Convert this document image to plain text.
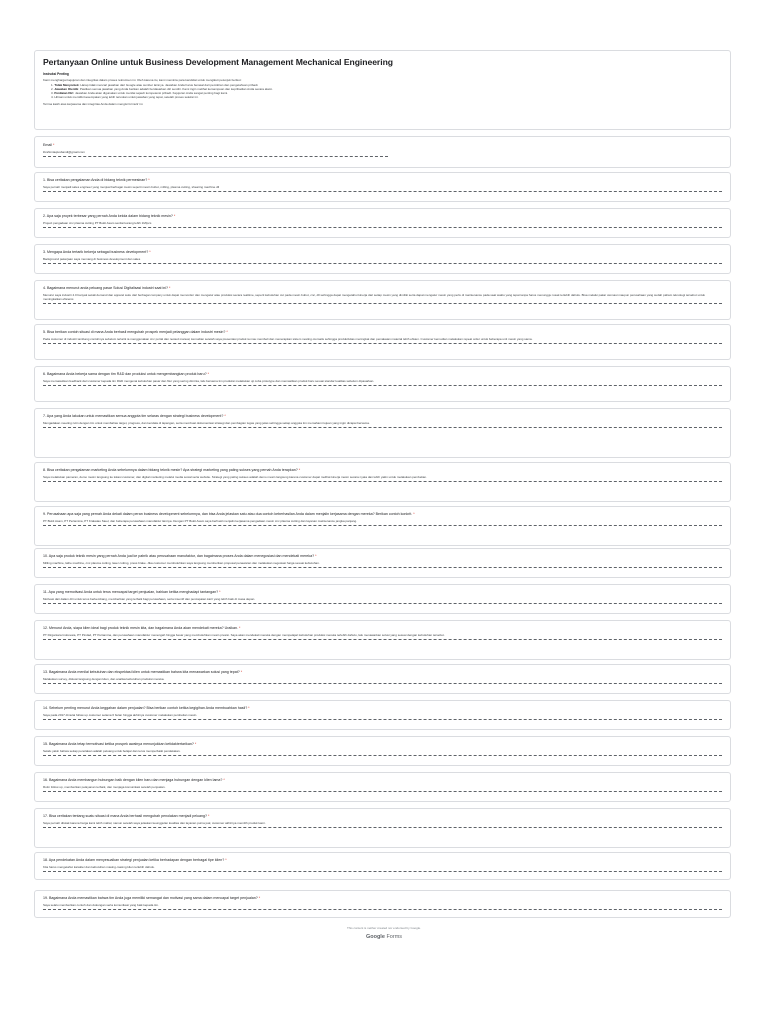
Pertanyaan Online untuk Business Development Management Mechanical Engineering
Instruksi Penting
Kami menghargai kejujuran dan integritas dalam proses rekrutmen ini. Oleh karena itu, kami meminta para kandidat untuk mengikuti petunjuk berikut:
1. Tidak Menyontek: Harap tidak mencari jawaban dari Google atau sumber lainnya. Jawaban Anda harus berasal dari pemikiran dan pengetahuan pribadi.
2. Jawaban Otentik: Pastikan semua jawaban yang Anda berikan adalah berdasarkan diri sendiri. Kami ingin melihat kemampuan dan kepribadian Anda secara alami.
3. Penilaian Diri: Jawaban Anda akan digunakan untuk menilai sejauh kompetensi pribadi. Kejujuran Anda sangat penting bagi kami.
4. Hilman untuk memiliki kesempatan yang lebih teruskan untuk jawaban yang tepat, setelah proses seleksi ini.
Terima kasih atas kerjasama dan integritas Anda dalam mengisi formulir ini.
Email *
ibrahimtaqiusbandi@gmail.com
1. Bisa ceritakan pengalaman Anda di bidang teknik permesinan? *
Saya pernah menjadi sales engineer yang menjual berbagai mesin seperti mesin bubut, milling, plasma cutting, shearing machine dll
2. Apa saja proyek terbesar yang pernah Anda kelola dalam bidang teknik mesin? *
Project pengadaan cnc plasma cutting PT Bukit Asam senilai kurang lebih 1M/pcs
3. Mengapa Anda tertarik bekerja sebagai business development? *
Background pekerjaan saya memang di business development dan sales
4. Bagaimana menurut anda peluang pasar Solusi Digitalisasi industri saat ini? *
Menurut saya industri 4.0 banyak sekali demand dan apparel suku dari berbagai company untuk dapat memonitor dan mengatur atau produksi secara realtime, seperti kebutuhan cut pada mesin bubut, cnc, dll sehingga dapat mengetahui kinerja dari setiap mesin yang dimiliki serta dapat mengatur mesin yang perlu di maintenance pada saat waktu yang tepat tanpa harus menunggu rusak terlebih dahulu. Bisa melalui pakar otomasi maupun perusahaan yang sudah paham teknologi tersebut untuk meningkatkan efisiensi.
5. Bisa berikan contoh situasi di mana Anda berhasil mengubah prospek menjadi pelanggan dalam industri mesin? *
Pada customer di industri tambang contohnya sebelum tertarik ia menggunakan cnc portal dan nested manual, kemudian setelah saya presentasi produk ia mau membeli dan menerapkan sistem nesting otomatis sehingga produktivitas meningkat dan pemakaian material lebih efisien. Customer kemudian melakukan repeat order untuk beberapa unit mesin yang sama.
6. Bagaimana Anda bekerja sama dengan tim R&D dan produksi untuk mengembangkan produk baru? *
Saya memasukkan feedback dari customer kepada tim R&D mengenai kebutuhan pasar dan fitur yang sering diminta, lalu bersama tim produksi melakukan uji coba prototype dan memastikan produk baru sesuai standar kualitas sebelum dipasarkan.
7. Apa yang Anda lakukan untuk memastikan semua anggota tim selaras dengan strategi business development? *
Mengadakan meeting rutin dengan tim untuk membahas target, progress, dan kendala di lapangan, serta membuat dokumentasi strategi dan pembagian tugas yang jelas sehingga setiap anggota tim memahami tujuan yang ingin dicapai bersama.
8. Bisa ceritakan pengalaman marketing Anda sebelumnya dalam bidang teknik mesin? Apa strategi marketing yang paling sukses yang pernah Anda terapkan? *
Saya melakukan pameran, demo mesin langsung ke lokasi customer, dan digital marketing melalui media sosial serta website. Strategi yang paling sukses adalah demo mesin langsung karena customer dapat melihat kinerja mesin secara nyata dan lebih yakin untuk melakukan pembelian.
9. Perusahaan apa saja yang pernah Anda dekati dalam peran business development sebelumnya, dan bisa Anda jelaskan satu atau dua contoh keberhasilan Anda dalam menjalin kerjasama dengan mereka? Berikan contoh konkrit. *
PT Bukit Asam, PT Pertamina, PT Krakatau Steel, dan beberapa perusahaan manufaktur lainnya. Dengan PT Bukit Asam saya berhasil menjalin kerjasama pengadaan mesin cnc plasma cutting dan layanan maintenance jangka panjang.
10. Apa saja produk teknik mesin yang pernah Anda jual ke pabrik atau perusahaan manufaktur, dan bagaimana proses Anda dalam menegosiasi dan mendekati mereka? *
Milling machine, lathe machine, cnc plasma cutting, laser cutting, press brake. Jika customer membutuhkan saya langsung memberikan proposal penawaran dan melakukan negosiasi harga sesuai kebutuhan.
11. Apa yang memotivasi Anda untuk terus mencapai target penjualan, bahkan ketika menghadapi tantangan? *
Motivasi dari dalam diri untuk terus berkembang, memberikan yang terbaik bagi perusahaan, serta insentif dan pencapaian karir yang lebih baik di masa depan.
12. Menurut Anda, siapa klien ideal bagi produk teknik mesin kita, dan bagaimana Anda akan mendekati mereka? Uraikan. *
PT Dirgantara Indonesia, PT Pindad, PT Pertamina, dan perusahaan manufaktur menengah hingga besar yang membutuhkan mesin presisi. Saya akan mendekati mereka dengan mempelajari kebutuhan produksi mereka terlebih dahulu, lalu menawarkan solusi yang sesuai dengan kebutuhan tersebut.
13. Bagaimana Anda menilai kebutuhan dan ekspektasi klien untuk memastikan bahwa kita menawarkan solusi yang tepat? *
Melakukan survey, diskusi langsung dengan klien, dan analisa kebutuhan produksi mereka.
14. Sebelum penting menurut Anda keggahan dalam penjualan? Bisa berikan contoh ketika kegigihan Anda membuahkan hasil? *
Saya pada 2017 dimulai follow up customer selama 6 bulan hingga akhirnya customer melakukan pembelian mesin.
15. Bagaimana Anda tetap termotivasi ketika prospek awalnya menunjukkan ketidaktertarikan? *
Selalu yakin bahwa setiap penolakan adalah peluang untuk belajar dan terus memperbaiki pendekatan.
16. Bagaimana Anda membangun hubungan baik dengan klien baru dan menjaga hubungan dengan klien lama? *
Rutin follow up, memberikan pelayanan terbaik, dan menjaga komunikasi setelah penjualan.
17. Bisa ceritakan tentang suatu situasi di mana Anda berhasil mengubah penolakan menjadi peluang? *
Saya pernah ditolak karena harga kami lebih mahal, namun setelah saya jelaskan keunggulan kualitas dan layanan purna jual, customer akhirnya memilih produk kami.
18. Apa pendekatan Anda dalam menyesuaikan strategi penjualan ketika berhadapan dengan berbagai tipe klien? *
Kita harus mengetahui karakter dan kebutuhan masing-masing klien terlebih dahulu.
19. Bagaimana Anda memastikan bahwa tim Anda juga memiliki semangat dan motivasi yang sama dalam mencapai target penjualan? *
Saya selalu memberikan contoh dan dukungan serta komunikasi yang baik kepada tim.
This content is neither created nor endorsed by Google.
Google Forms
